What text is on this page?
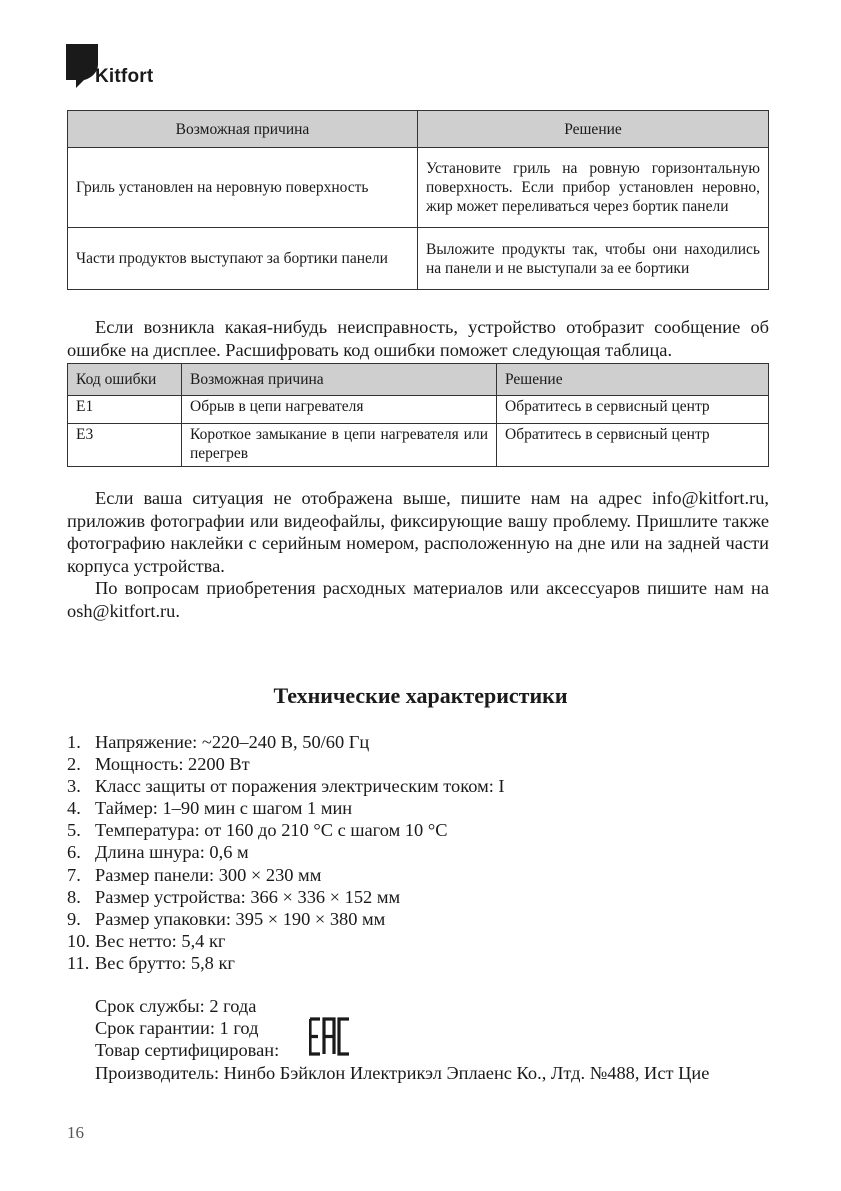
Kitfort
Возможная причина	Решение
Гриль установлен на неровную поверхность	Установите гриль на ровную горизонтальную поверхность. Если прибор установлен неровно, жир может переливаться через бортик панели
Части продуктов выступают за бортики панели	Выложите продукты так, чтобы они находились на панели и не выступали за ее бортики

Если возникла какая-нибудь неисправность, устройство отобразит сообщение об ошибке на дисплее. Расшифровать код ошибки поможет следующая таблица.

Код ошибки	Возможная причина	Решение
E1	Обрыв в цепи нагревателя	Обратитесь в сервисный центр
E3	Короткое замыкание в цепи нагревателя или перегрев	Обратитесь в сервисный центр

Если ваша ситуация не отображена выше, пишите нам на адрес info@kitfort.ru, приложив фотографии или видеофайлы, фиксирующие вашу проблему. Пришлите также фотографию наклейки с серийным номером, расположенную на дне или на задней части корпуса устройства.

По вопросам приобретения расходных материалов или аксессуаров пишите нам на osh@kitfort.ru.

Технические характеристики
1. Напряжение: ~220–240 В, 50/60 Гц
2. Мощность: 2200 Вт
3. Класс защиты от поражения электрическим током: I
4. Таймер: 1–90 мин с шагом 1 мин
5. Температура: от 160 до 210 °C с шагом 10 °C
6. Длина шнура: 0,6 м
7. Размер панели: 300 × 230 мм
8. Размер устройства: 366 × 336 × 152 мм
9. Размер упаковки: 395 × 190 × 380 мм
10. Вес нетто: 5,4 кг
11. Вес брутто: 5,8 кг
Срок службы: 2 года
Срок гарантии: 1 год
Товар сертифицирован:
Производитель: Нинбо Бэйклон Илектрикэл Эплаенс Ко., Лтд. №488, Ист Цие
16
